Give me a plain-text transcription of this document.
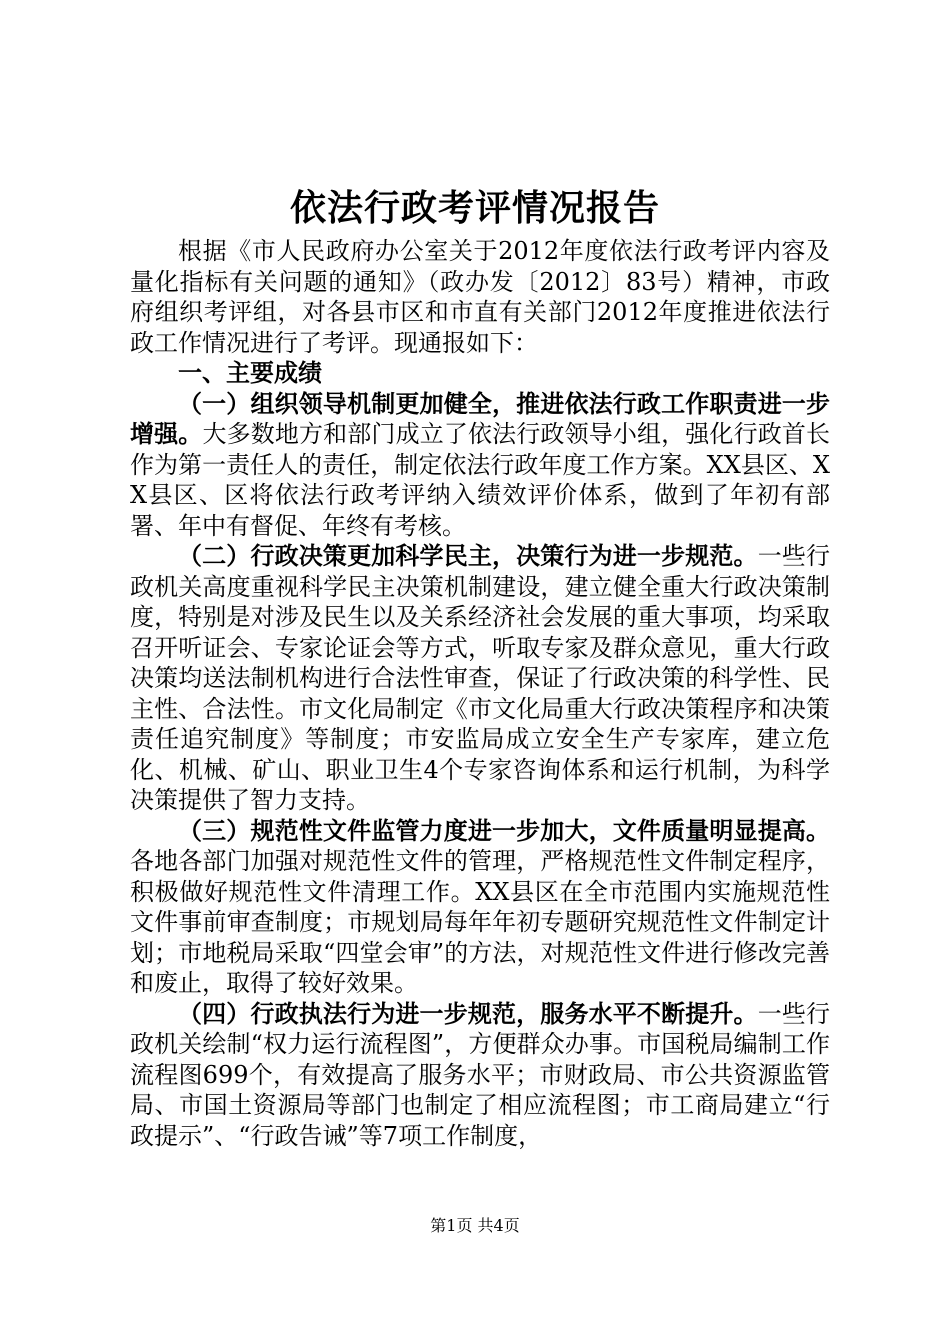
依法行政考评情况报告

根据《市人民政府办公室关于2012年度依法行政考评内容及量化指标有关问题的通知》（政办发〔2012〕83号）精神，市政府组织考评组，对各县市区和市直有关部门2012年度推进依法行政工作情况进行了考评。现通报如下：

一、主要成绩

（一）组织领导机制更加健全，推进依法行政工作职责进一步增强。大多数地方和部门成立了依法行政领导小组，强化行政首长作为第一责任人的责任，制定依法行政年度工作方案。XX县区、XX县区、区将依法行政考评纳入绩效评价体系，做到了年初有部署、年中有督促、年终有考核。

（二）行政决策更加科学民主，决策行为进一步规范。一些行政机关高度重视科学民主决策机制建设，建立健全重大行政决策制度，特别是对涉及民生以及关系经济社会发展的重大事项，均采取召开听证会、专家论证会等方式，听取专家及群众意见，重大行政决策均送法制机构进行合法性审查，保证了行政决策的科学性、民主性、合法性。市文化局制定《市文化局重大行政决策程序和决策责任追究制度》等制度；市安监局成立安全生产专家库，建立危化、机械、矿山、职业卫生4个专家咨询体系和运行机制，为科学决策提供了智力支持。

（三）规范性文件监管力度进一步加大，文件质量明显提高。各地各部门加强对规范性文件的管理，严格规范性文件制定程序，积极做好规范性文件清理工作。XX县区在全市范围内实施规范性文件事前审查制度；市规划局每年年初专题研究规范性文件制定计划；市地税局采取“四堂会审”的方法，对规范性文件进行修改完善和废止，取得了较好效果。

（四）行政执法行为进一步规范，服务水平不断提升。一些行政机关绘制“权力运行流程图”，方便群众办事。市国税局编制工作流程图699个，有效提高了服务水平；市财政局、市公共资源监管局、市国土资源局等部门也制定了相应流程图；市工商局建立“行政提示”、“行政告诫”等7项工作制度，

第1页 共4页
